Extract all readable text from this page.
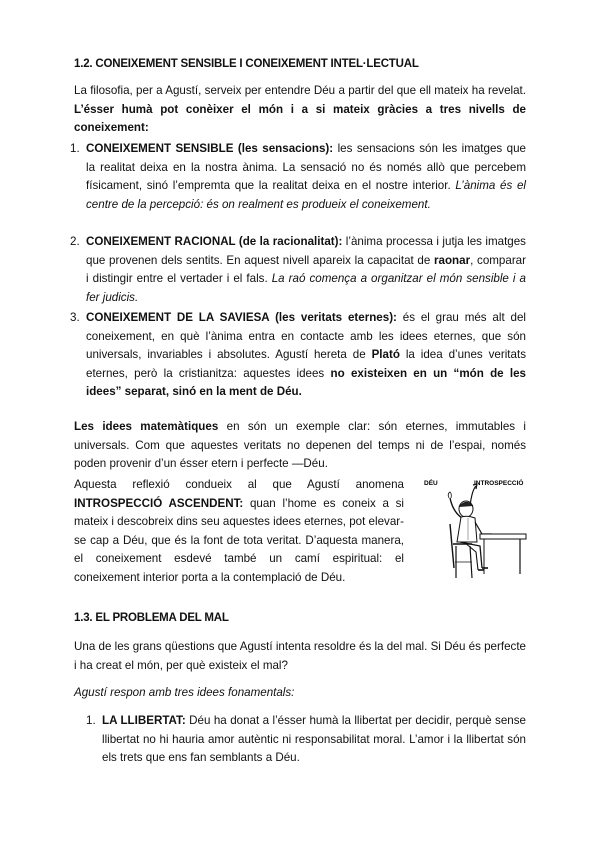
1.2. CONEIXEMENT SENSIBLE I CONEIXEMENT INTEL·LECTUAL
La filosofia, per a Agustí, serveix per entendre Déu a partir del que ell mateix ha revelat. L’ésser humà pot conèixer el món i a si mateix gràcies a tres nivells de coneixement:
1. CONEIXEMENT SENSIBLE (les sensacions): les sensacions són les imatges que la realitat deixa en la nostra ànima. La sensació no és només allò que percebem físicament, sinó l’empremta que la realitat deixa en el nostre interior. L’ànima és el centre de la percepció: és on realment es produeix el coneixement.
2. CONEIXEMENT RACIONAL (de la racionalitat): l’ànima processa i jutja les imatges que provenen dels sentits. En aquest nivell apareix la capacitat de raonar, comparar i distingir entre el vertader i el fals. La raó comença a organitzar el món sensible i a fer judicis.
3. CONEIXEMENT DE LA SAVIESA (les veritats eternes): és el grau més alt del coneixement, en què l’ànima entra en contacte amb les idees eternes, que són universals, invariables i absolutes. Agustí hereta de Plató la idea d’unes veritats eternes, però la cristianitza: aquestes idees no existeixen en un “món de les idees” separat, sinó en la ment de Déu.
Les idees matemàtiques en són un exemple clar: són eternes, immutables i universals. Com que aquestes veritats no depenen del temps ni de l’espai, només poden provenir d’un ésser etern i perfecte —Déu.
Aquesta reflexió condueix al que Agustí anomena INTROSPECCIÓ ASCENDENT: quan l’home es coneix a si mateix i descobreix dins seu aquestes idees eternes, pot elevar-se cap a Déu, que és la font de tota veritat. D’aquesta manera, el coneixement esdevé també un camí espiritual: el coneixement interior porta a la contemplació de Déu.
DÉU	INTROSPECCIÓ
1.3. EL PROBLEMA DEL MAL
Una de les grans qüestions que Agustí intenta resoldre és la del mal. Si Déu és perfecte i ha creat el món, per què existeix el mal?
Agustí respon amb tres idees fonamentals:
1. LA LLIBERTAT: Déu ha donat a l’ésser humà la llibertat per decidir, perquè sense llibertat no hi hauria amor autèntic ni responsabilitat moral. L’amor i la llibertat són els trets que ens fan semblants a Déu.
